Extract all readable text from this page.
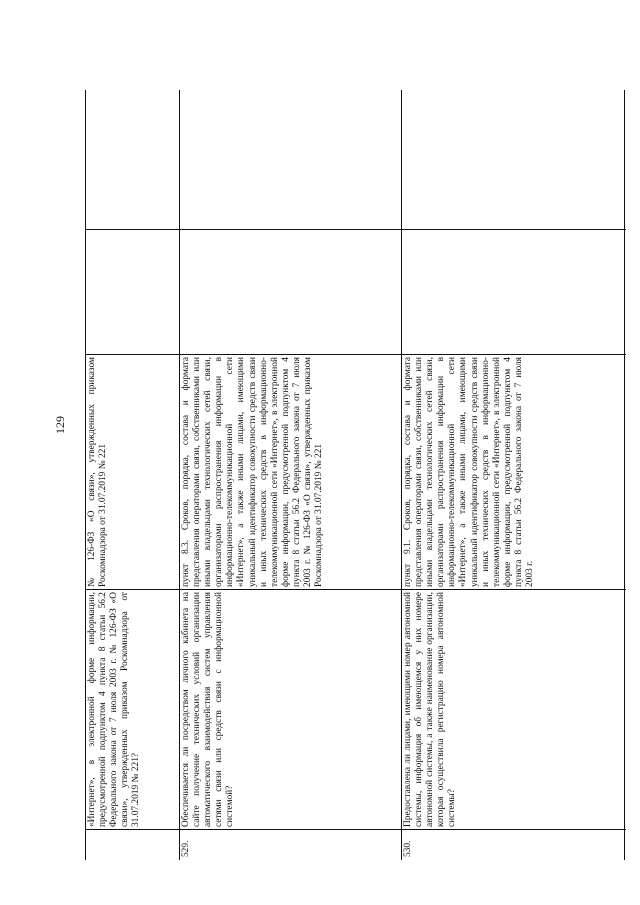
129

«Интернет», в электронной форме информации, предусмотренной подпунктом 4 пункта 8 статьи 56.2 Федерального закона от 7 июля 2003 г. № 126-ФЗ «О связи», утвержденных приказом Роскомнадзора от 31.07.2019 № 221?

№ 126-ФЗ «О связи», утвержденных приказом Роскомнадзора от 31.07.2019 № 221

529.

Обеспечивается ли посредством личного кабинета на сайте получение технических условий организации автоматического взаимодействия систем управления сетями связи или средств связи с информационной системой?

пункт 8.3. Сроков, порядка, состава и формата представления операторами связи, собственниками или иными владельцами технологических сетей связи, организаторами распространения информации в информационно-телекоммуникационной сети «Интернет», а также иными лицами, имеющими уникальный идентификатор совокупности средств связи и иных технических средств в информационно-телекоммуникационной сети «Интернет», в электронной форме информации, предусмотренной подпунктом 4 пункта 8 статьи 56.2 Федерального закона от 7 июля 2003 г. № 126-ФЗ «О связи», утвержденных приказом Роскомнадзора от 31.07.2019 № 221

530.

Предоставлена ли лицами, имеющими номер автономной системы, информация об имеющемся у них номере автономной системы, а также наименование организации, которая осуществила регистрацию номера автономной системы?

пункт 9.1. Сроков, порядка, состава и формата представления операторами связи, собственниками или иными владельцами технологических сетей связи, организаторами распространения информации в информационно-телекоммуникационной сети «Интернет», а также иными лицами, имеющими уникальный идентификатор совокупности средств связи и иных технических средств в информационно-телекоммуникационной сети «Интернет», в электронной форме информации, предусмотренной подпунктом 4 пункта 8 статьи 56.2 Федерального закона от 7 июля 2003 г.
